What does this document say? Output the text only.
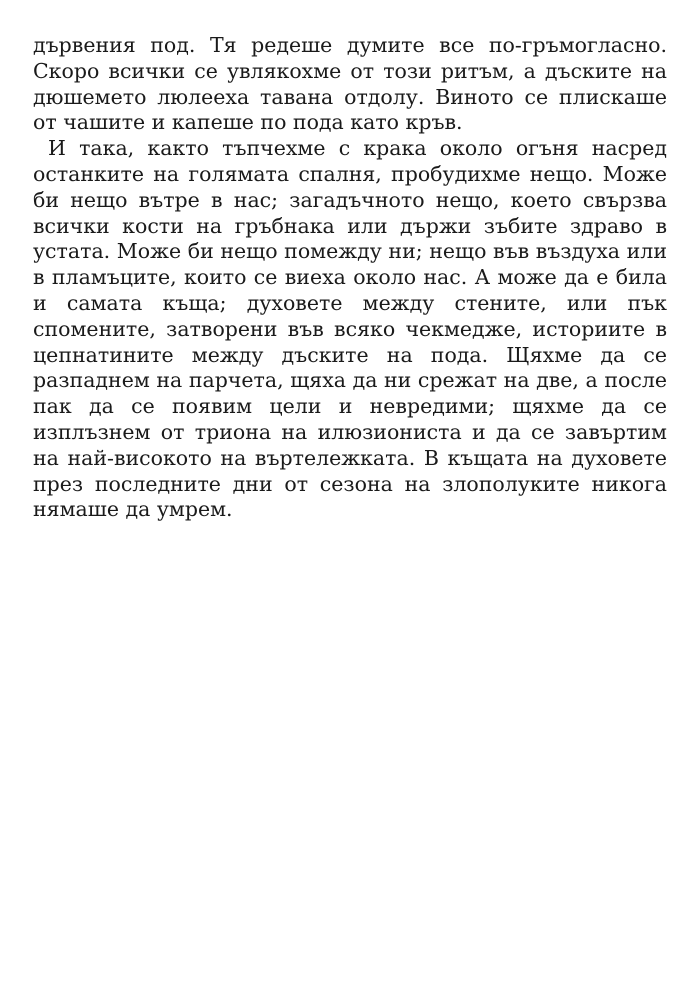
дървения под. Тя редеше думите все по-гръмогласно. Скоро всички се увлякохме от този ритъм, а дъските на дюшемето люлееха тавана отдолу. Виното се плискаше от чашите и капеше по пода като кръв.

И така, както тъпчехме с крака около огъня насред останките на голямата спалня, пробудихме нещо. Може би нещо вътре в нас; загадъчното нещо, което свързва всички кости на гръбнака или държи зъбите здраво в устата. Може би нещо помежду ни; нещо във въздуха или в пламъците, които се виеха около нас. А може да е била и самата къща; духовете между стените, или пък спомените, затворени във всяко чекмедже, историите в цепнатините между дъските на пода. Щяхме да се разпаднем на парчета, щяха да ни срежат на две, а после пак да се появим цели и невредими; щяхме да се изплъзнем от триона на илюзиониста и да се завъртим на най-високото на въртележката. В къщата на духовете през последните дни от сезона на злополуките никога нямаше да умрем.
